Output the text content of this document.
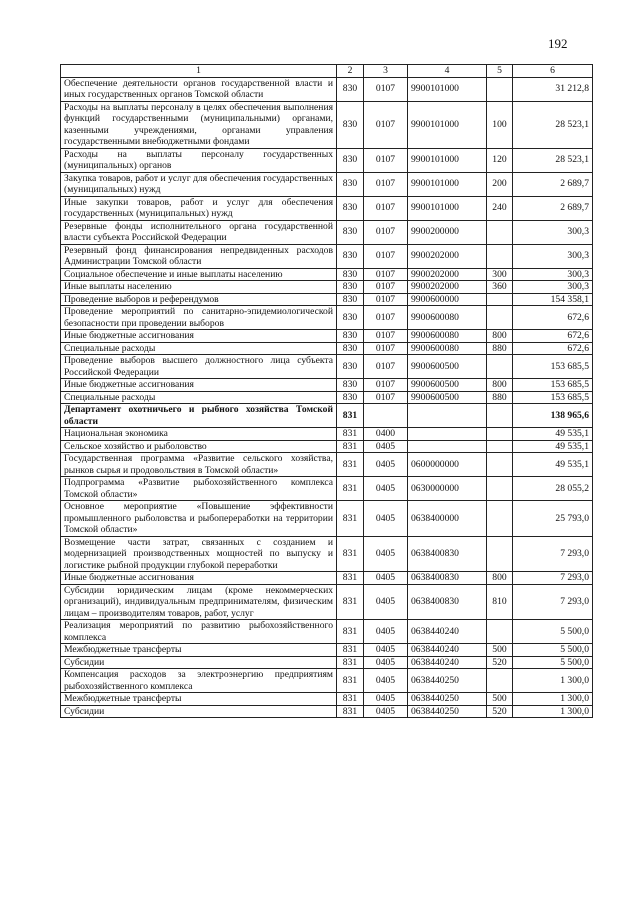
192
1	2	3	4	5	6
Обеспечение деятельности органов государственной власти и иных государственных органов Томской области	830	0107	9900101000		31 212,8
Расходы на выплаты персоналу в целях обеспечения выполнения функций государственными (муниципальными) органами, казенными учреждениями, органами управления государственными внебюджетными фондами	830	0107	9900101000	100	28 523,1
Расходы на выплаты персоналу государственных (муниципальных) органов	830	0107	9900101000	120	28 523,1
Закупка товаров, работ и услуг для обеспечения государственных (муниципальных) нужд	830	0107	9900101000	200	2 689,7
Иные закупки товаров, работ и услуг для обеспечения государственных (муниципальных) нужд	830	0107	9900101000	240	2 689,7
Резервные фонды исполнительного органа государственной власти субъекта Российской Федерации	830	0107	9900200000		300,3
Резервный фонд финансирования непредвиденных расходов Администрации Томской области	830	0107	9900202000		300,3
Социальное обеспечение и иные выплаты населению	830	0107	9900202000	300	300,3
Иные выплаты населению	830	0107	9900202000	360	300,3
Проведение выборов и референдумов	830	0107	9900600000		154 358,1
Проведение мероприятий по санитарно-эпидемиологической безопасности при проведении выборов	830	0107	9900600080		672,6
Иные бюджетные ассигнования	830	0107	9900600080	800	672,6
Специальные расходы	830	0107	9900600080	880	672,6
Проведение выборов высшего должностного лица субъекта Российской Федерации	830	0107	9900600500		153 685,5
Иные бюджетные ассигнования	830	0107	9900600500	800	153 685,5
Специальные расходы	830	0107	9900600500	880	153 685,5
Департамент охотничьего и рыбного хозяйства Томской области	831				138 965,6
Национальная экономика	831	0400			49 535,1
Сельское хозяйство и рыболовство	831	0405			49 535,1
Государственная программа «Развитие сельского хозяйства, рынков сырья и продовольствия в Томской области»	831	0405	0600000000		49 535,1
Подпрограмма «Развитие рыбохозяйственного комплекса Томской области»	831	0405	0630000000		28 055,2
Основное мероприятие «Повышение эффективности промышленного рыболовства и рыбопереработки на территории Томской области»	831	0405	0638400000		25 793,0
Возмещение части затрат, связанных с созданием и модернизацией производственных мощностей по выпуску и логистике рыбной продукции глубокой переработки	831	0405	0638400830		7 293,0
Иные бюджетные ассигнования	831	0405	0638400830	800	7 293,0
Субсидии юридическим лицам (кроме некоммерческих организаций), индивидуальным предпринимателям, физическим лицам – производителям товаров, работ, услуг	831	0405	0638400830	810	7 293,0
Реализация мероприятий по развитию рыбохозяйственного комплекса	831	0405	0638440240		5 500,0
Межбюджетные трансферты	831	0405	0638440240	500	5 500,0
Субсидии	831	0405	0638440240	520	5 500,0
Компенсация расходов за электроэнергию предприятиям рыбохозяйственного комплекса	831	0405	0638440250		1 300,0
Межбюджетные трансферты	831	0405	0638440250	500	1 300,0
Субсидии	831	0405	0638440250	520	1 300,0
